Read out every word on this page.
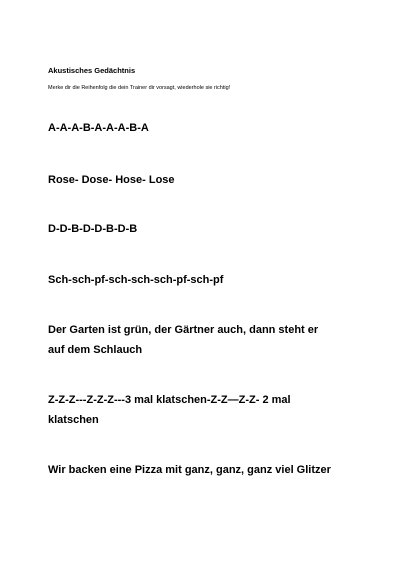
Akustisches Gedächtnis
Merke dir die Reihenfolg die dein Trainer dir vorsagt, wiederhole sie richtig!
A-A-A-B-A-A-A-B-A
Rose- Dose- Hose- Lose
D-D-B-D-D-B-D-B
Sch-sch-pf-sch-sch-sch-pf-sch-pf
Der Garten ist grün, der Gärtner auch, dann steht er
auf dem Schlauch
Z-Z-Z---Z-Z-Z---3 mal klatschen-Z-Z—Z-Z- 2 mal
klatschen
Wir backen eine Pizza mit ganz, ganz, ganz viel Glitzer
